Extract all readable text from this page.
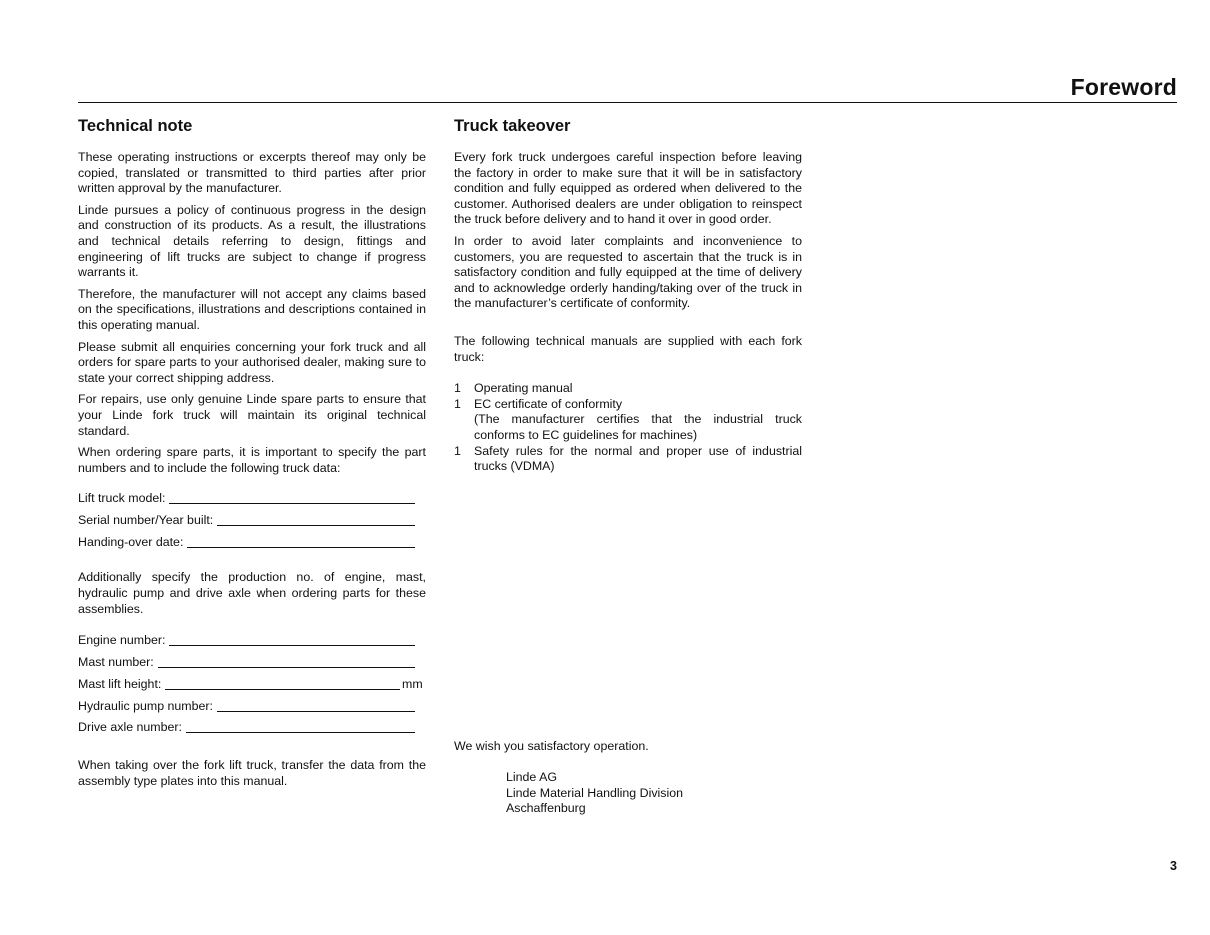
Foreword
Technical note

These operating instructions or excerpts thereof may only be copied, translated or transmitted to third parties after prior written approval by the manufacturer.

Linde pursues a policy of continuous progress in the design and construction of its products. As a result, the illustrations and technical details referring to design, fittings and engineering of lift trucks are subject to change if progress warrants it.

Therefore, the manufacturer will not accept any claims based on the specifications, illustrations and descriptions contained in this operating manual.

Please submit all enquiries concerning your fork truck and all orders for spare parts to your authorised dealer, making sure to state your correct shipping address.

For repairs, use only genuine Linde spare parts to ensure that your Linde fork truck will maintain its original technical standard.

When ordering spare parts, it is important to specify the part numbers and to include the following truck data:

Lift truck model:
Serial number/Year built:
Handing-over date:

Additionally specify the production no. of engine, mast, hydraulic pump and drive axle when ordering parts for these assemblies.

Engine number:
Mast number:
Mast lift height:	mm
Hydraulic pump number:
Drive axle number:

When taking over the fork lift truck, transfer the data from the assembly type plates into this manual.

Truck takeover

Every fork truck undergoes careful inspection before leaving the factory in order to make sure that it will be in satisfactory condition and fully equipped as ordered when delivered to the customer. Authorised dealers are under obligation to reinspect the truck before delivery and to hand it over in good order.

In order to avoid later complaints and inconvenience to customers, you are requested to ascertain that the truck is in satisfactory condition and fully equipped at the time of delivery and to acknowledge orderly handing/taking over of the truck in the manufacturer’s certificate of conformity.

The following technical manuals are supplied with each fork truck:

1 Operating manual
1 EC certificate of conformity
(The manufacturer certifies that the industrial truck conforms to EC guidelines for machines)
1 Safety rules for the normal and proper use of industrial trucks (VDMA)

We wish you satisfactory operation.

Linde AG
Linde Material Handling Division
Aschaffenburg
3
